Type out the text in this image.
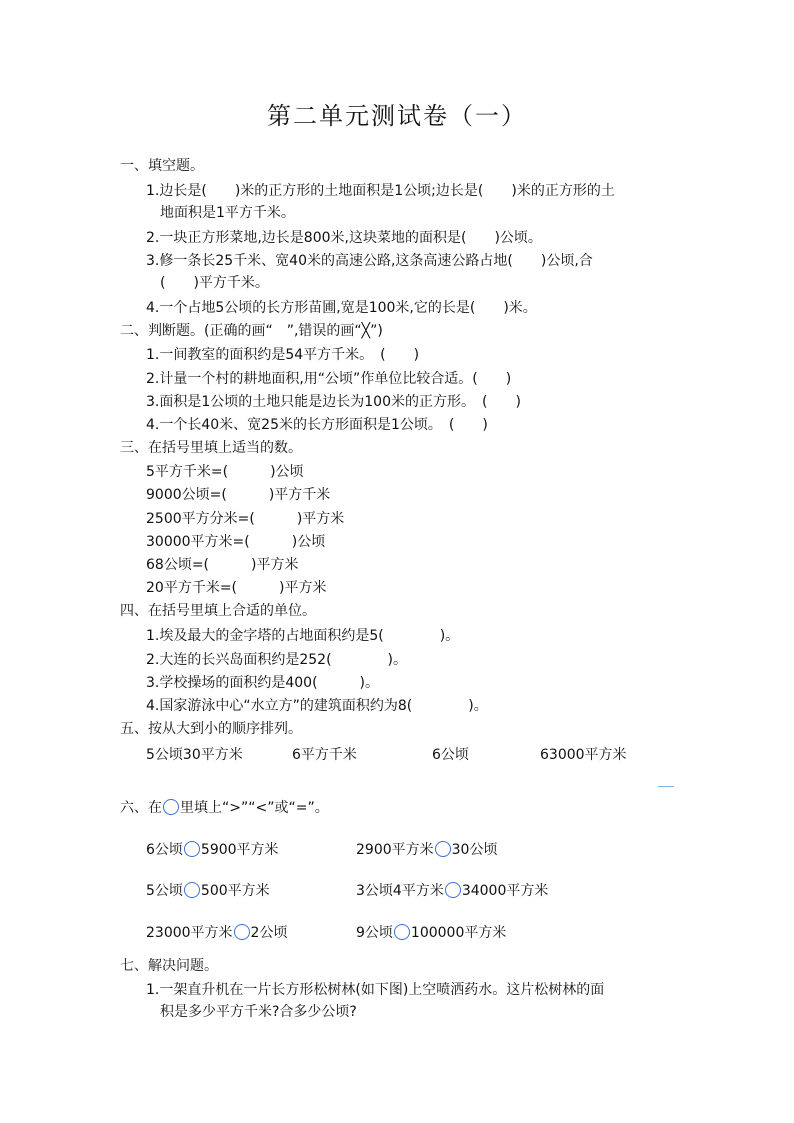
第二单元测试卷（一）
一、填空题。
1.边长是(　　)米的正方形的土地面积是1公顷;边长是(　　)米的正方形的土
地面积是1平方千米。
2.一块正方形菜地,边长是800米,这块菜地的面积是(　　)公顷。
3.修一条长25千米、宽40米的高速公路,这条高速公路占地(　　)公顷,合
(　　)平方千米。
4.一个占地5公顷的长方形苗圃,宽是100米,它的长是(　　)米。
二、判断题。(正确的画“　”,错误的画“╳”)
1.一间教室的面积约是54平方千米。　(　　)
2.计量一个村的耕地面积,用“公顷”作单位比较合适。(　　)
3.面积是1公顷的土地只能是边长为100米的正方形。　(　　)
4.一个长40米、宽25米的长方形面积是1公顷。　(　　)
三、在括号里填上适当的数。
5平方千米=(　　　)公顷
9000公顷=(　　　)平方千米
2500平方分米=(　　　)平方米
30000平方米=(　　　)公顷
68公顷=(　　　)平方米
20平方千米=(　　　)平方米
四、在括号里填上合适的单位。
1.埃及最大的金字塔的占地面积约是5(　　　　)。
2.大连的长兴岛面积约是252(　　　　)。
3.学校操场的面积约是400(　　　)。
4.国家游泳中心“水立方”的建筑面积约为8(　　　　)。
五、按从大到小的顺序排列。
5公顷30平方米	6平方千米	6公顷	63000平方米
六、在 里填上“>”“<”或“=”。
6公顷 5900平方米	2900平方米 30公顷
5公顷 500平方米	3公顷4平方米 34000平方米
23000平方米 2公顷	9公顷 100000平方米
七、解决问题。
1.一架直升机在一片长方形松树林(如下图)上空喷洒药水。这片松树林的面
积是多少平方千米?合多少公顷?
